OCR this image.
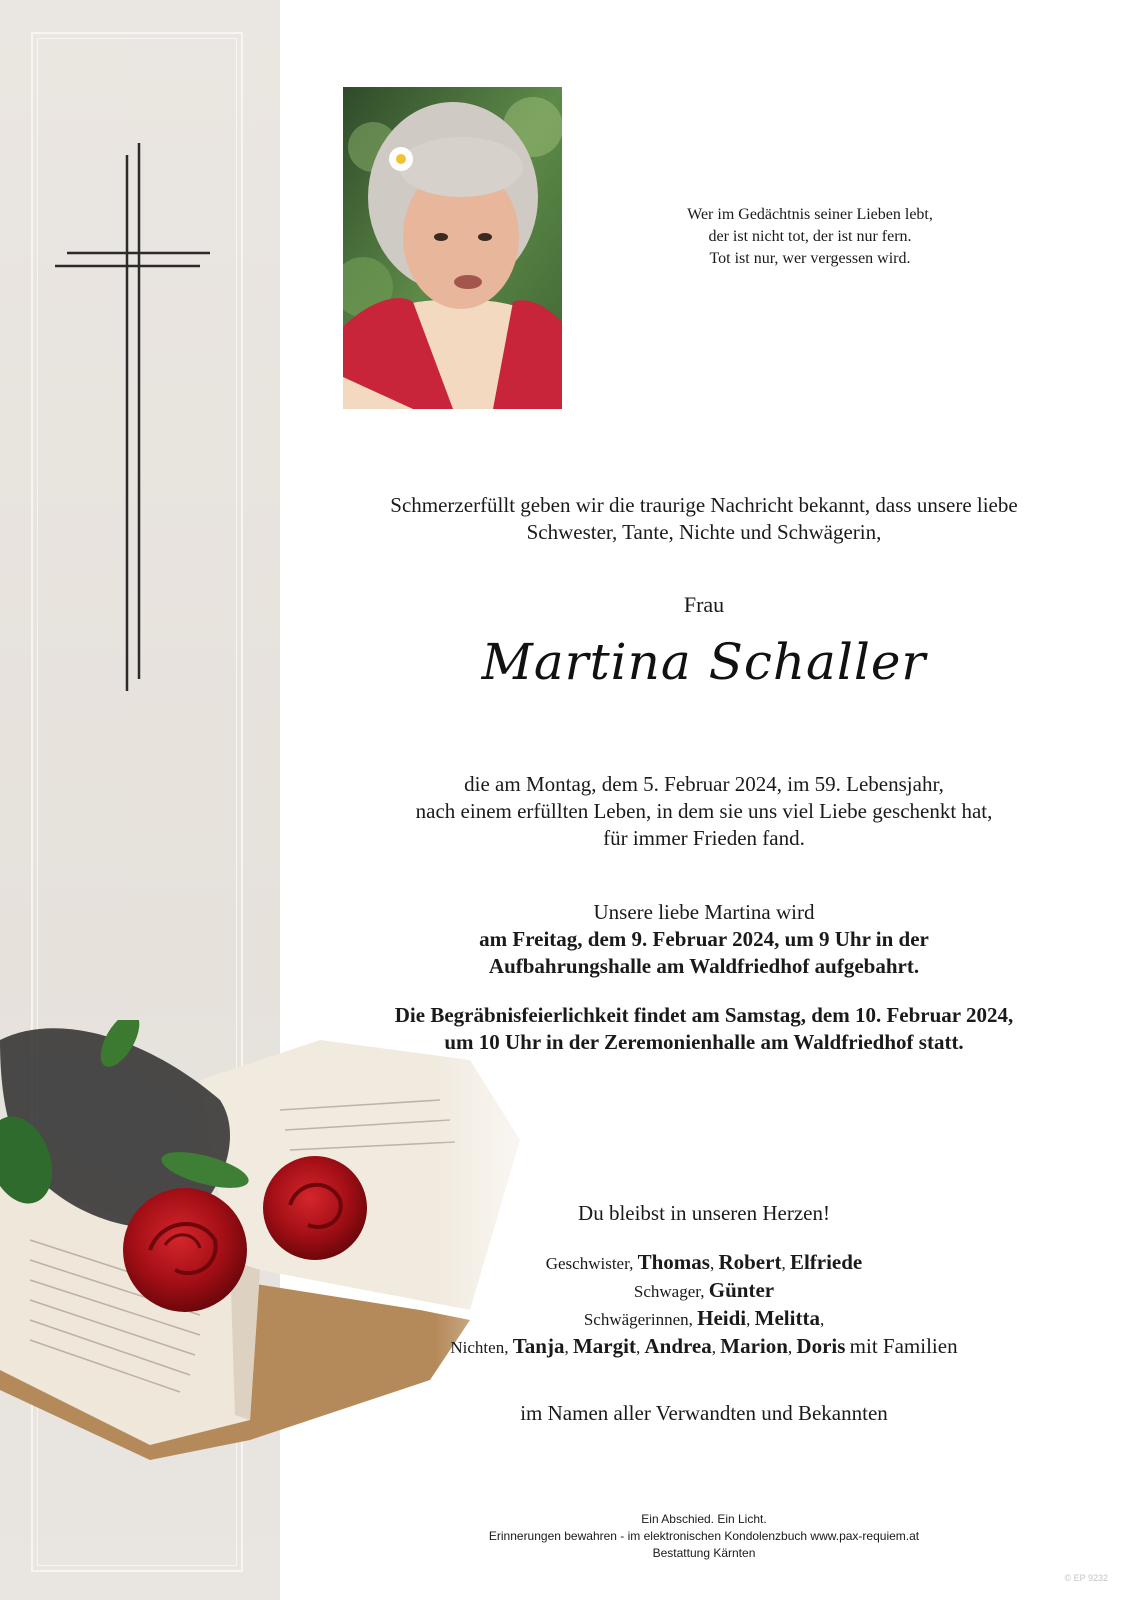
Wer im Gedächtnis seiner Lieben lebt,
der ist nicht tot, der ist nur fern.
Tot ist nur, wer vergessen wird.
Schmerzerfüllt geben wir die traurige Nachricht bekannt, dass unsere liebe
Schwester, Tante, Nichte und Schwägerin,
Frau
Martina Schaller
die am Montag, dem 5. Februar 2024, im 59. Lebensjahr,
nach einem erfüllten Leben, in dem sie uns viel Liebe geschenkt hat,
für immer Frieden fand.
Unsere liebe Martina wird
am Freitag, dem 9. Februar 2024, um 9 Uhr in der
Aufbahrungshalle am Waldfriedhof aufgebahrt.
Die Begräbnisfeierlichkeit findet am Samstag, dem 10. Februar 2024,
um 10 Uhr in der Zeremonienhalle am Waldfriedhof statt.
Du bleibst in unseren Herzen!
Geschwister, Thomas, Robert, Elfriede
Schwager, Günter
Schwägerinnen, Heidi, Melitta,
Nichten, Tanja, Margit, Andrea, Marion, Doris mit Familien
im Namen aller Verwandten und Bekannten
Ein Abschied. Ein Licht.
Erinnerungen bewahren - im elektronischen Kondolenzbuch www.pax-requiem.at
Bestattung Kärnten
© EP 9232
